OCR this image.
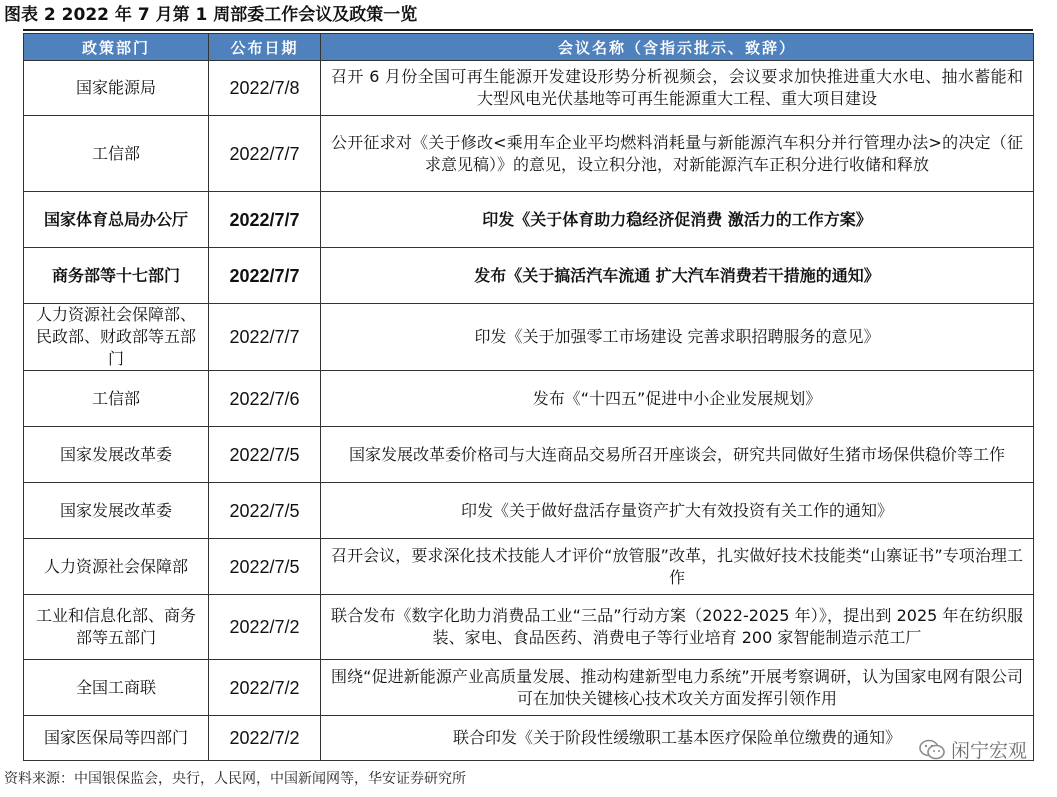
图表 2 2022 年 7 月第 1 周部委工作会议及政策一览
政策部门	公布日期	会议名称（含指示批示、致辞）
国家能源局	2022/7/8	召开 6 月份全国可再生能源开发建设形势分析视频会，会议要求加快推进重大水电、抽水蓄能和大型风电光伏基地等可再生能源重大工程、重大项目建设
工信部	2022/7/7	公开征求对《关于修改<乘用车企业平均燃料消耗量与新能源汽车积分并行管理办法>的决定（征求意见稿）》的意见，设立积分池，对新能源汽车正积分进行收储和释放
国家体育总局办公厅	2022/7/7	印发《关于体育助力稳经济促消费 激活力的工作方案》
商务部等十七部门	2022/7/7	发布《关于搞活汽车流通 扩大汽车消费若干措施的通知》
人力资源社会保障部、民政部、财政部等五部门	2022/7/7	印发《关于加强零工市场建设 完善求职招聘服务的意见》
工信部	2022/7/6	发布《“十四五”促进中小企业发展规划》
国家发展改革委	2022/7/5	国家发展改革委价格司与大连商品交易所召开座谈会，研究共同做好生猪市场保供稳价等工作
国家发展改革委	2022/7/5	印发《关于做好盘活存量资产扩大有效投资有关工作的通知》
人力资源社会保障部	2022/7/5	召开会议，要求深化技术技能人才评价“放管服”改革，扎实做好技术技能类“山寨证书”专项治理工作
工业和信息化部、商务部等五部门	2022/7/2	联合发布《数字化助力消费品工业“三品”行动方案（2022-2025 年）》，提出到 2025 年在纺织服装、家电、食品医药、消费电子等行业培育 200 家智能制造示范工厂
全国工商联	2022/7/2	围绕“促进新能源产业高质量发展、推动构建新型电力系统”开展考察调研，认为国家电网有限公司可在加快关键核心技术攻关方面发挥引领作用
国家医保局等四部门	2022/7/2	联合印发《关于阶段性缓缴职工基本医疗保险单位缴费的通知》
资料来源：中国银保监会，央行，人民网，中国新闻网等，华安证券研究所
闲宁宏观
